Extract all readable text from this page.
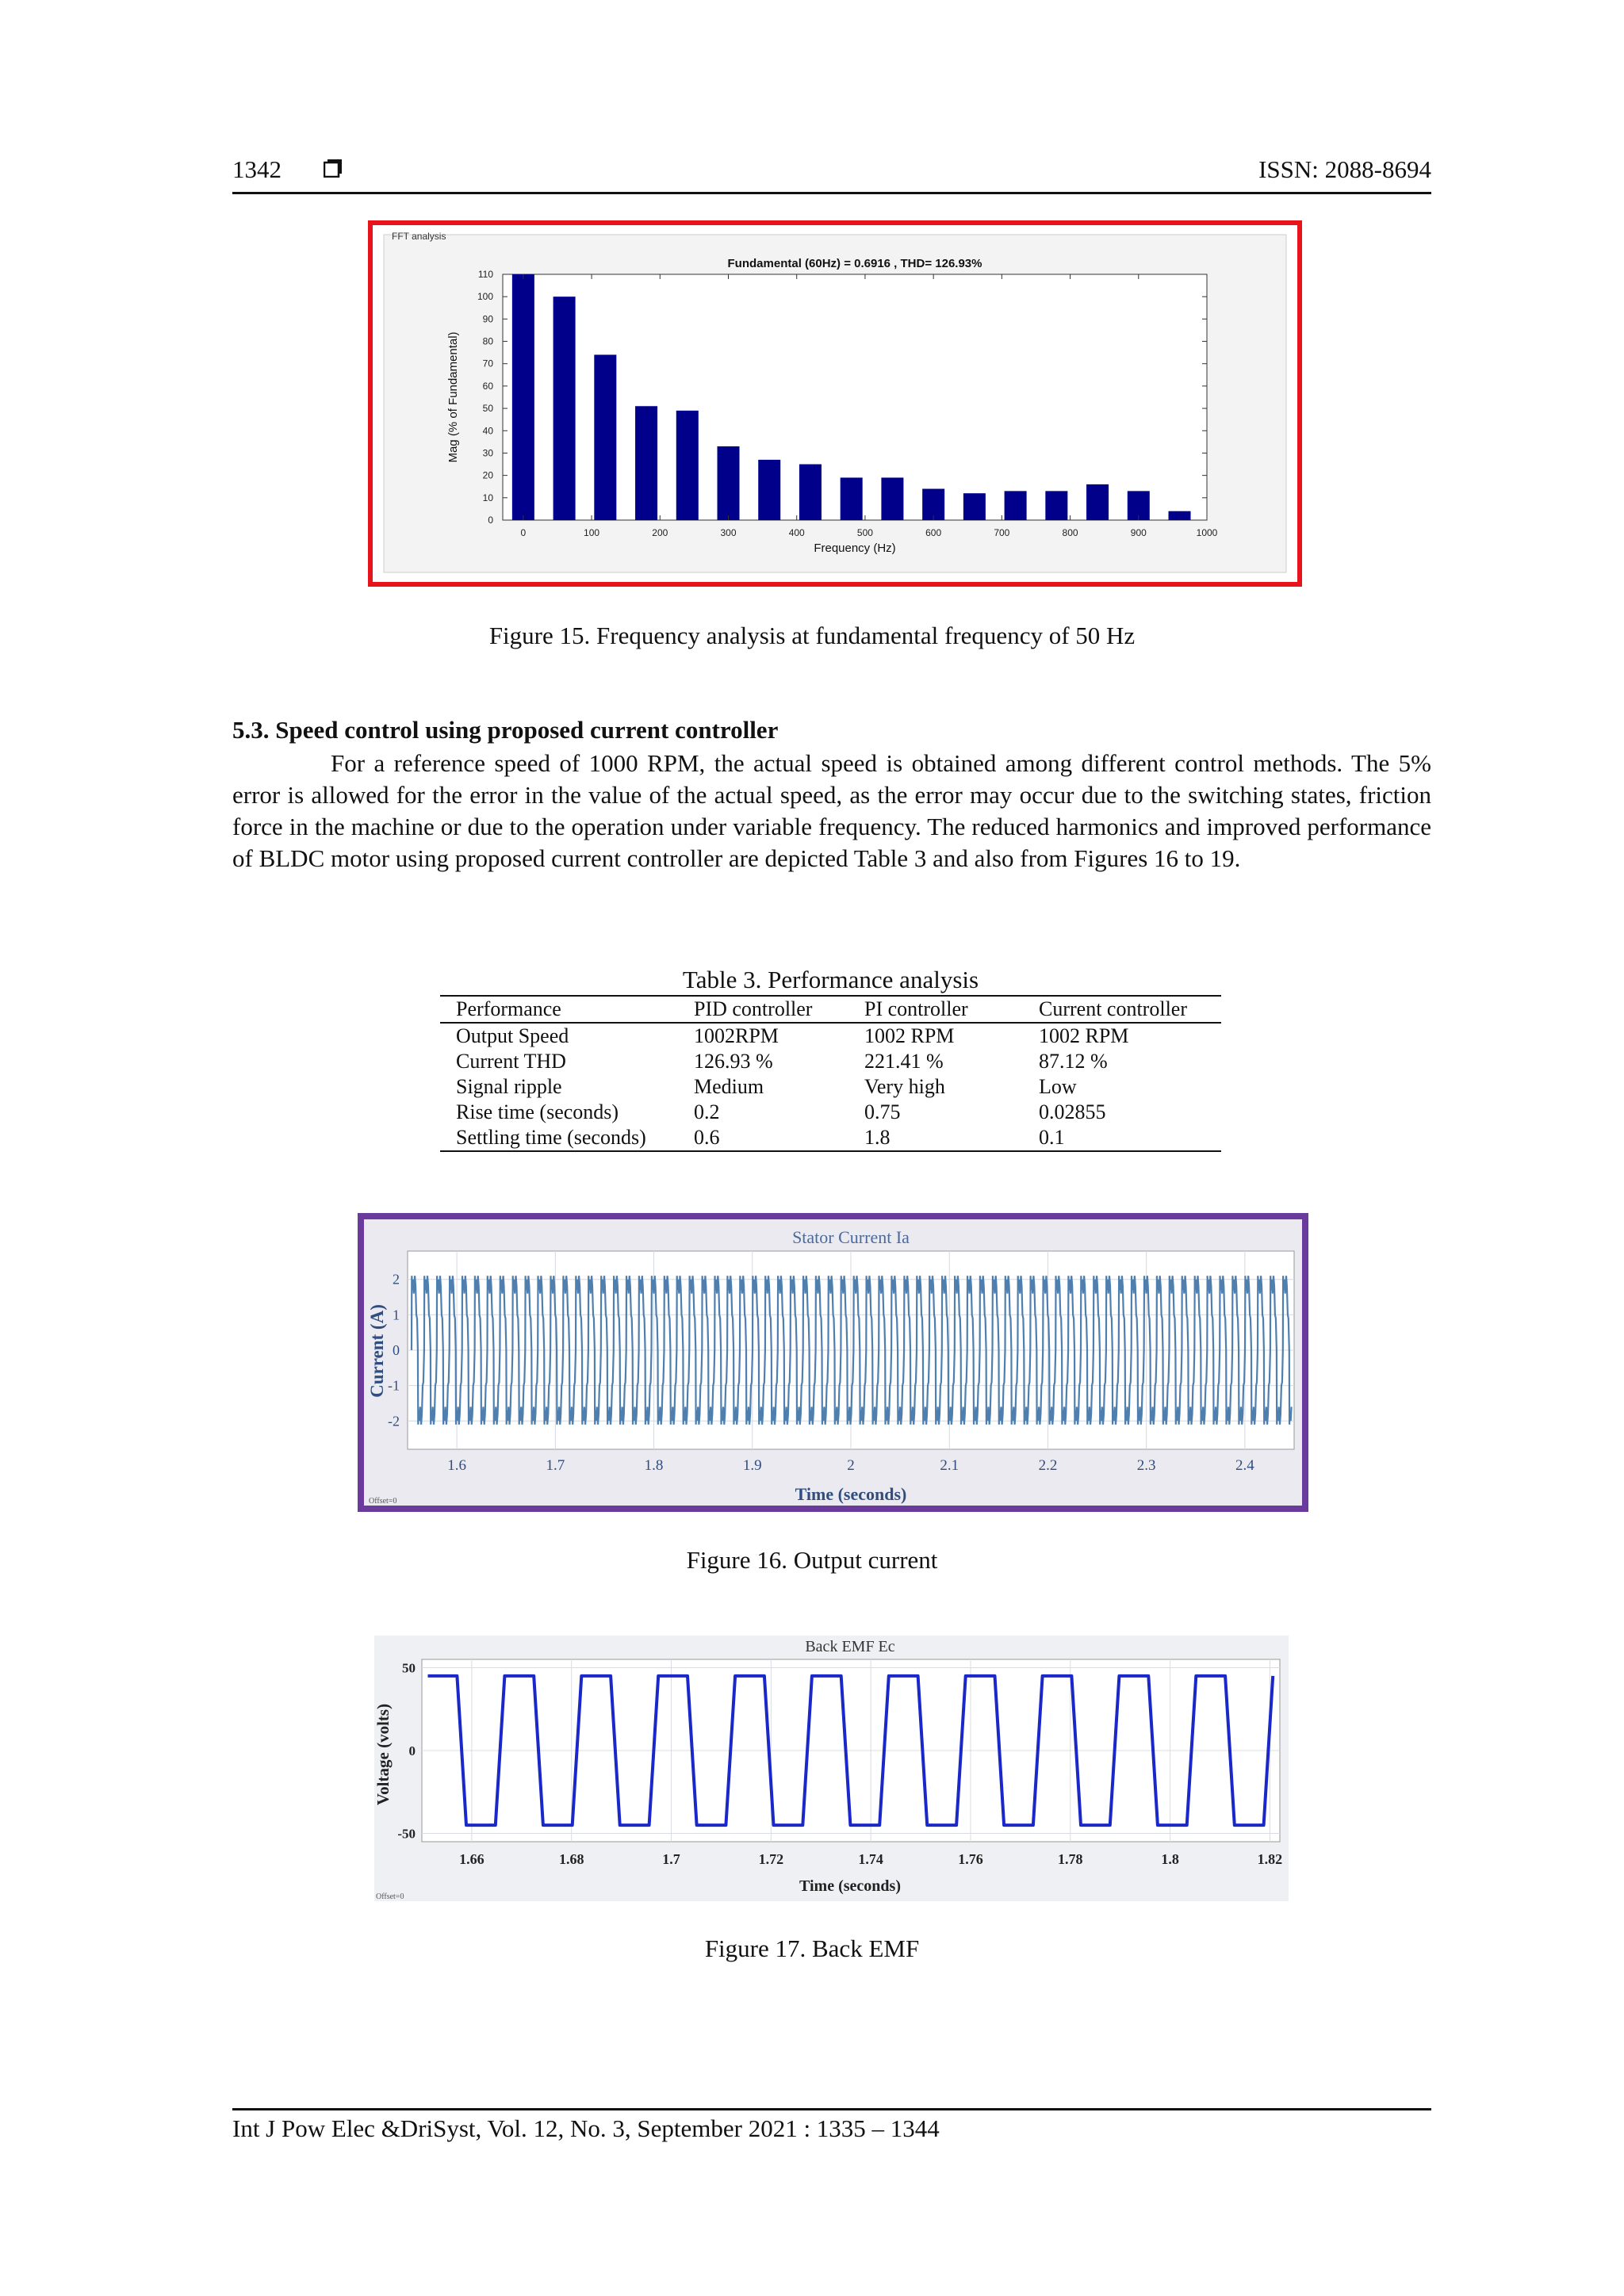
1342	ISSN: 2088-8694
FFT analysis
Fundamental (60Hz) = 0.6916 , THD= 126.93%
Frequency (Hz)
Mag (% of Fundamental)
0
10
20
30
40
50
60
70
80
90
100
110
0	100	200	300	400	500	600	700	800	900	1000
Figure 15. Frequency analysis at fundamental frequency of 50 Hz
5.3. Speed control using proposed current controller
For a reference speed of 1000 RPM, the actual speed is obtained among different control methods. The 5% error is allowed for the error in the value of the actual speed, as the error may occur due to the switching states, friction force in the machine or due to the operation under variable frequency. The reduced harmonics and improved performance of BLDC motor using proposed current controller are depicted Table 3 and also from Figures 16 to 19.
Table 3. Performance analysis
Performance	PID controller	PI controller	Current controller
Output Speed	1002RPM	1002 RPM	1002 RPM
Current THD	126.93 %	221.41 %	87.12 %
Signal ripple	Medium	Very high	Low
Rise time (seconds)	0.2	0.75	0.02855
Settling time (seconds)	0.6	1.8	0.1
Stator Current Ia
Time (seconds)
Current (A)
Offset=0
-2
-1
0
1
2
1.6	1.7	1.8	1.9	2	2.1	2.2	2.3	2.4
Figure 16. Output current
Back EMF Ec
Time (seconds)
Voltage (volts)
Offset=0
-50
0
50
1.66	1.68	1.7	1.72	1.74	1.76	1.78	1.8	1.82
Figure 17. Back EMF
Int J Pow Elec &DriSyst, Vol. 12, No. 3, September 2021 : 1335 – 1344
